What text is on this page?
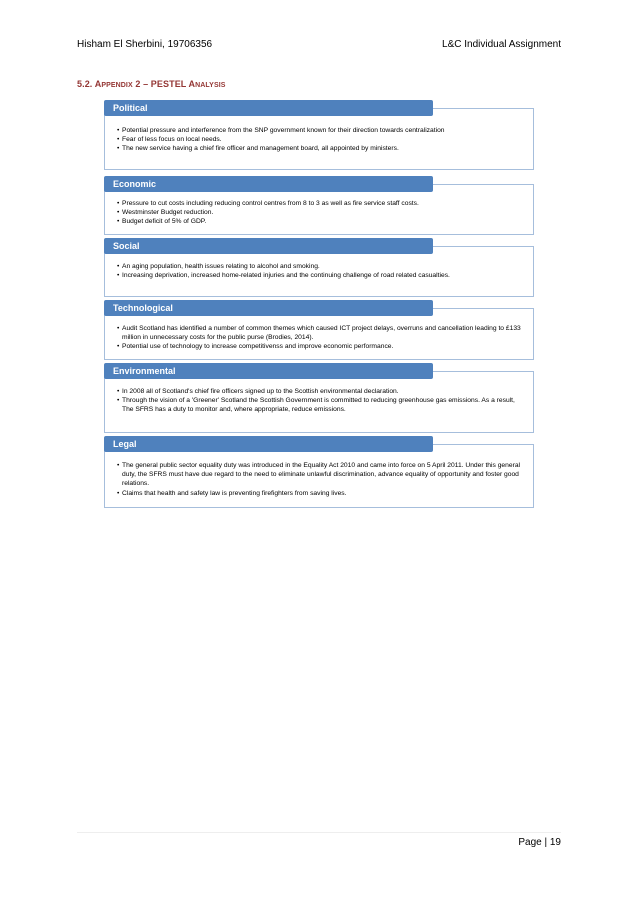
Hisham El Sherbini, 19706356	L&C Individual Assignment
5.2. APPENDIX 2 – PESTEL ANALYSIS
Political
• Potential pressure and interference from the SNP government known for their direction towards centralization
• Fear of less focus on local needs.
• The new service having a chief fire officer and management board, all appointed by ministers.
Economic
• Pressure to cut costs including reducing control centres from 8 to 3 as well as fire service staff costs.
• Westminster Budget reduction.
• Budget deficit of 5% of GDP.
Social
• An aging population, health issues relating to alcohol and smoking.
• Increasing deprivation, increased home-related injuries and the continuing challenge of road related casualties.
Technological
• Audit Scotland has identified a number of common themes which caused ICT project delays, overruns and cancellation leading to £133 million in unnecessary costs for the public purse (Brodies, 2014).
• Potential use of technology to increase competitivenss and improve economic performance.
Environmental
• In 2008 all of Scotland's chief fire officers signed up to the Scottish environmental declaration.
• Through the vision of a 'Greener' Scotland the Scottish Government is committed to reducing greenhouse gas emissions. As a result, The SFRS has a duty to monitor and, where appropriate, reduce emissions.
Legal
• The general public sector equality duty was introduced in the Equality Act 2010 and came into force on 5 April 2011. Under this general duty, the SFRS must have due regard to the need to eliminate unlawful discrimination, advance equality of opportunity and foster good relations.
• Claims that health and safety law is preventing firefighters from saving lives.
Page | 19
